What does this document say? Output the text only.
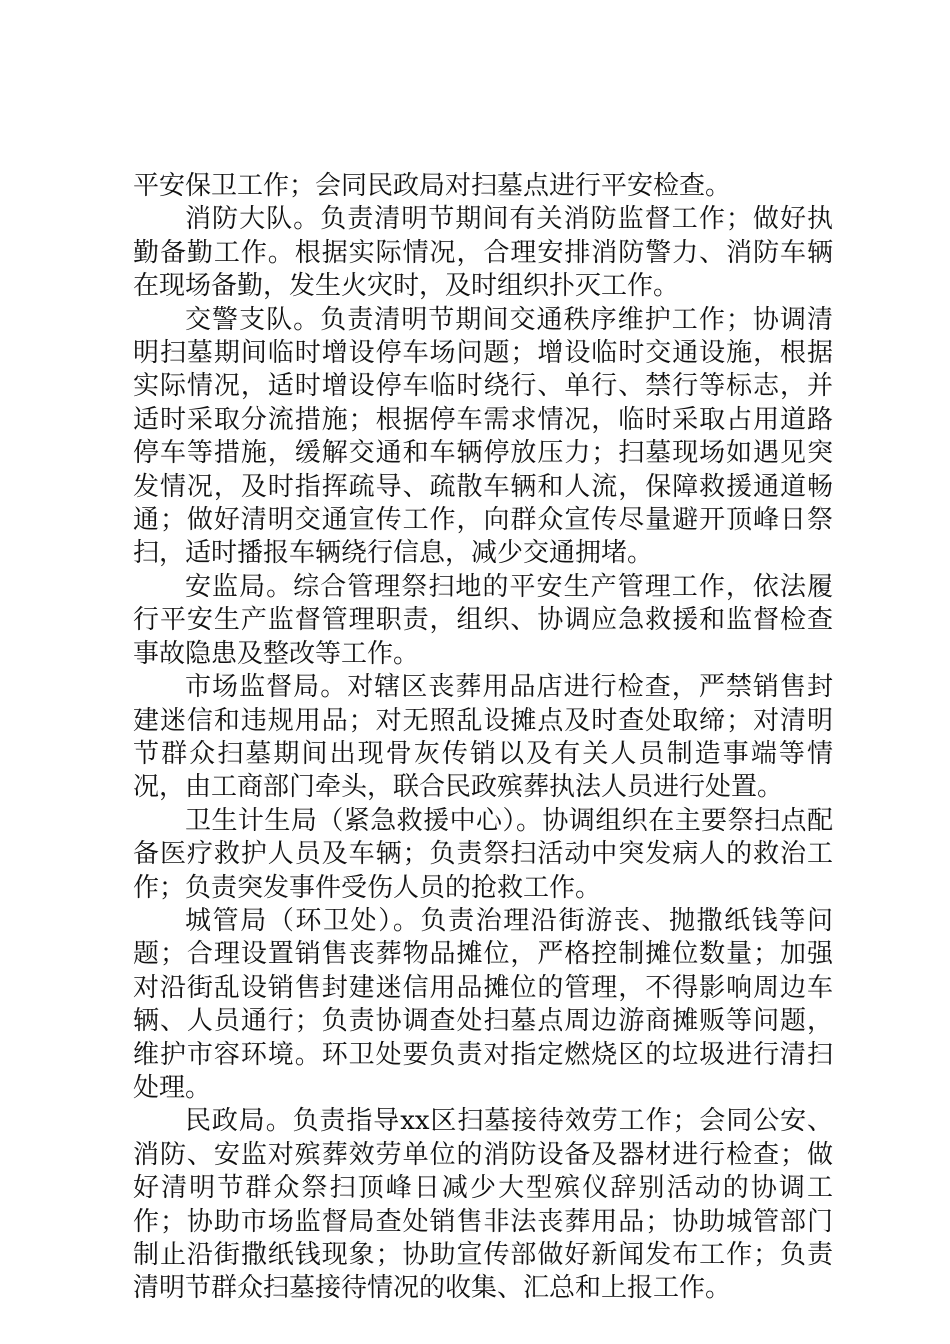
平安保卫工作；会同民政局对扫墓点进行平安检查。

消防大队。负责清明节期间有关消防监督工作；做好执勤备勤工作。根据实际情况，合理安排消防警力、消防车辆在现场备勤，发生火灾时，及时组织扑灭工作。

交警支队。负责清明节期间交通秩序维护工作；协调清明扫墓期间临时增设停车场问题；增设临时交通设施，根据实际情况，适时增设停车临时绕行、单行、禁行等标志，并适时采取分流措施；根据停车需求情况，临时采取占用道路停车等措施，缓解交通和车辆停放压力；扫墓现场如遇见突发情况，及时指挥疏导、疏散车辆和人流，保障救援通道畅通；做好清明交通宣传工作，向群众宣传尽量避开顶峰日祭扫，适时播报车辆绕行信息，减少交通拥堵。

安监局。综合管理祭扫地的平安生产管理工作，依法履行平安生产监督管理职责，组织、协调应急救援和监督检查事故隐患及整改等工作。

市场监督局。对辖区丧葬用品店进行检查，严禁销售封建迷信和违规用品；对无照乱设摊点及时查处取缔；对清明节群众扫墓期间出现骨灰传销以及有关人员制造事端等情况，由工商部门牵头，联合民政殡葬执法人员进行处置。

卫生计生局（紧急救援中心）。协调组织在主要祭扫点配备医疗救护人员及车辆；负责祭扫活动中突发病人的救治工作；负责突发事件受伤人员的抢救工作。

城管局（环卫处）。负责治理沿街游丧、抛撒纸钱等问题；合理设置销售丧葬物品摊位，严格控制摊位数量；加强对沿街乱设销售封建迷信用品摊位的管理，不得影响周边车辆、人员通行；负责协调查处扫墓点周边游商摊贩等问题，维护市容环境。环卫处要负责对指定燃烧区的垃圾进行清扫处理。

民政局。负责指导xx区扫墓接待效劳工作；会同公安、消防、安监对殡葬效劳单位的消防设备及器材进行检查；做好清明节群众祭扫顶峰日减少大型殡仪辞别活动的协调工作；协助市场监督局查处销售非法丧葬用品；协助城管部门制止沿街撒纸钱现象；协助宣传部做好新闻发布工作；负责清明节群众扫墓接待情况的收集、汇总和上报工作。
